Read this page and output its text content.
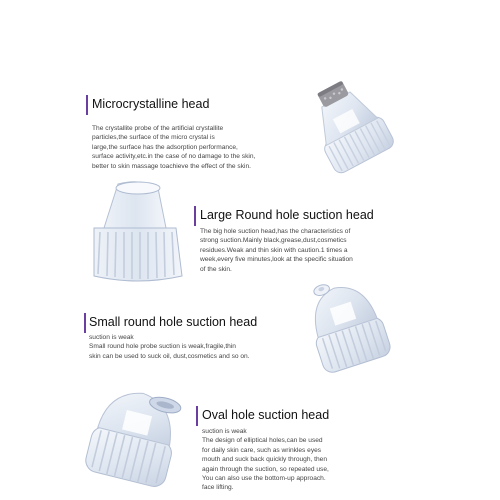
Microcrystalline head
The crystallite probe of the artificial crystallite
particles,the surface of the micro crystal is
large,the surface has the adsorption performance,
surface activity,etc.in the case of no damage to the skin,
better to skin massage toachieve the effect of the skin.
Large Round hole suction head
The big hole suction head,has the characteristics of
strong suction.Mainly black,grease,dust,cosmetics
residues.Weak and thin skin with caution.1 times a
week,every five minutes,look at the specific situation
of the skin.
Small round hole suction head
suction is weak
Small round hole probe suction is weak,fragile,thin
skin can be used to suck oil, dust,cosmetics and so on.
Oval hole suction head
suction is weak
The design of elliptical holes,can be used
for daily skin care, such as wrinkles eyes
mouth and suck back quickly through, then
again through the suction, so repeated use,
You can also use the bottom-up approach.
face lifting.
